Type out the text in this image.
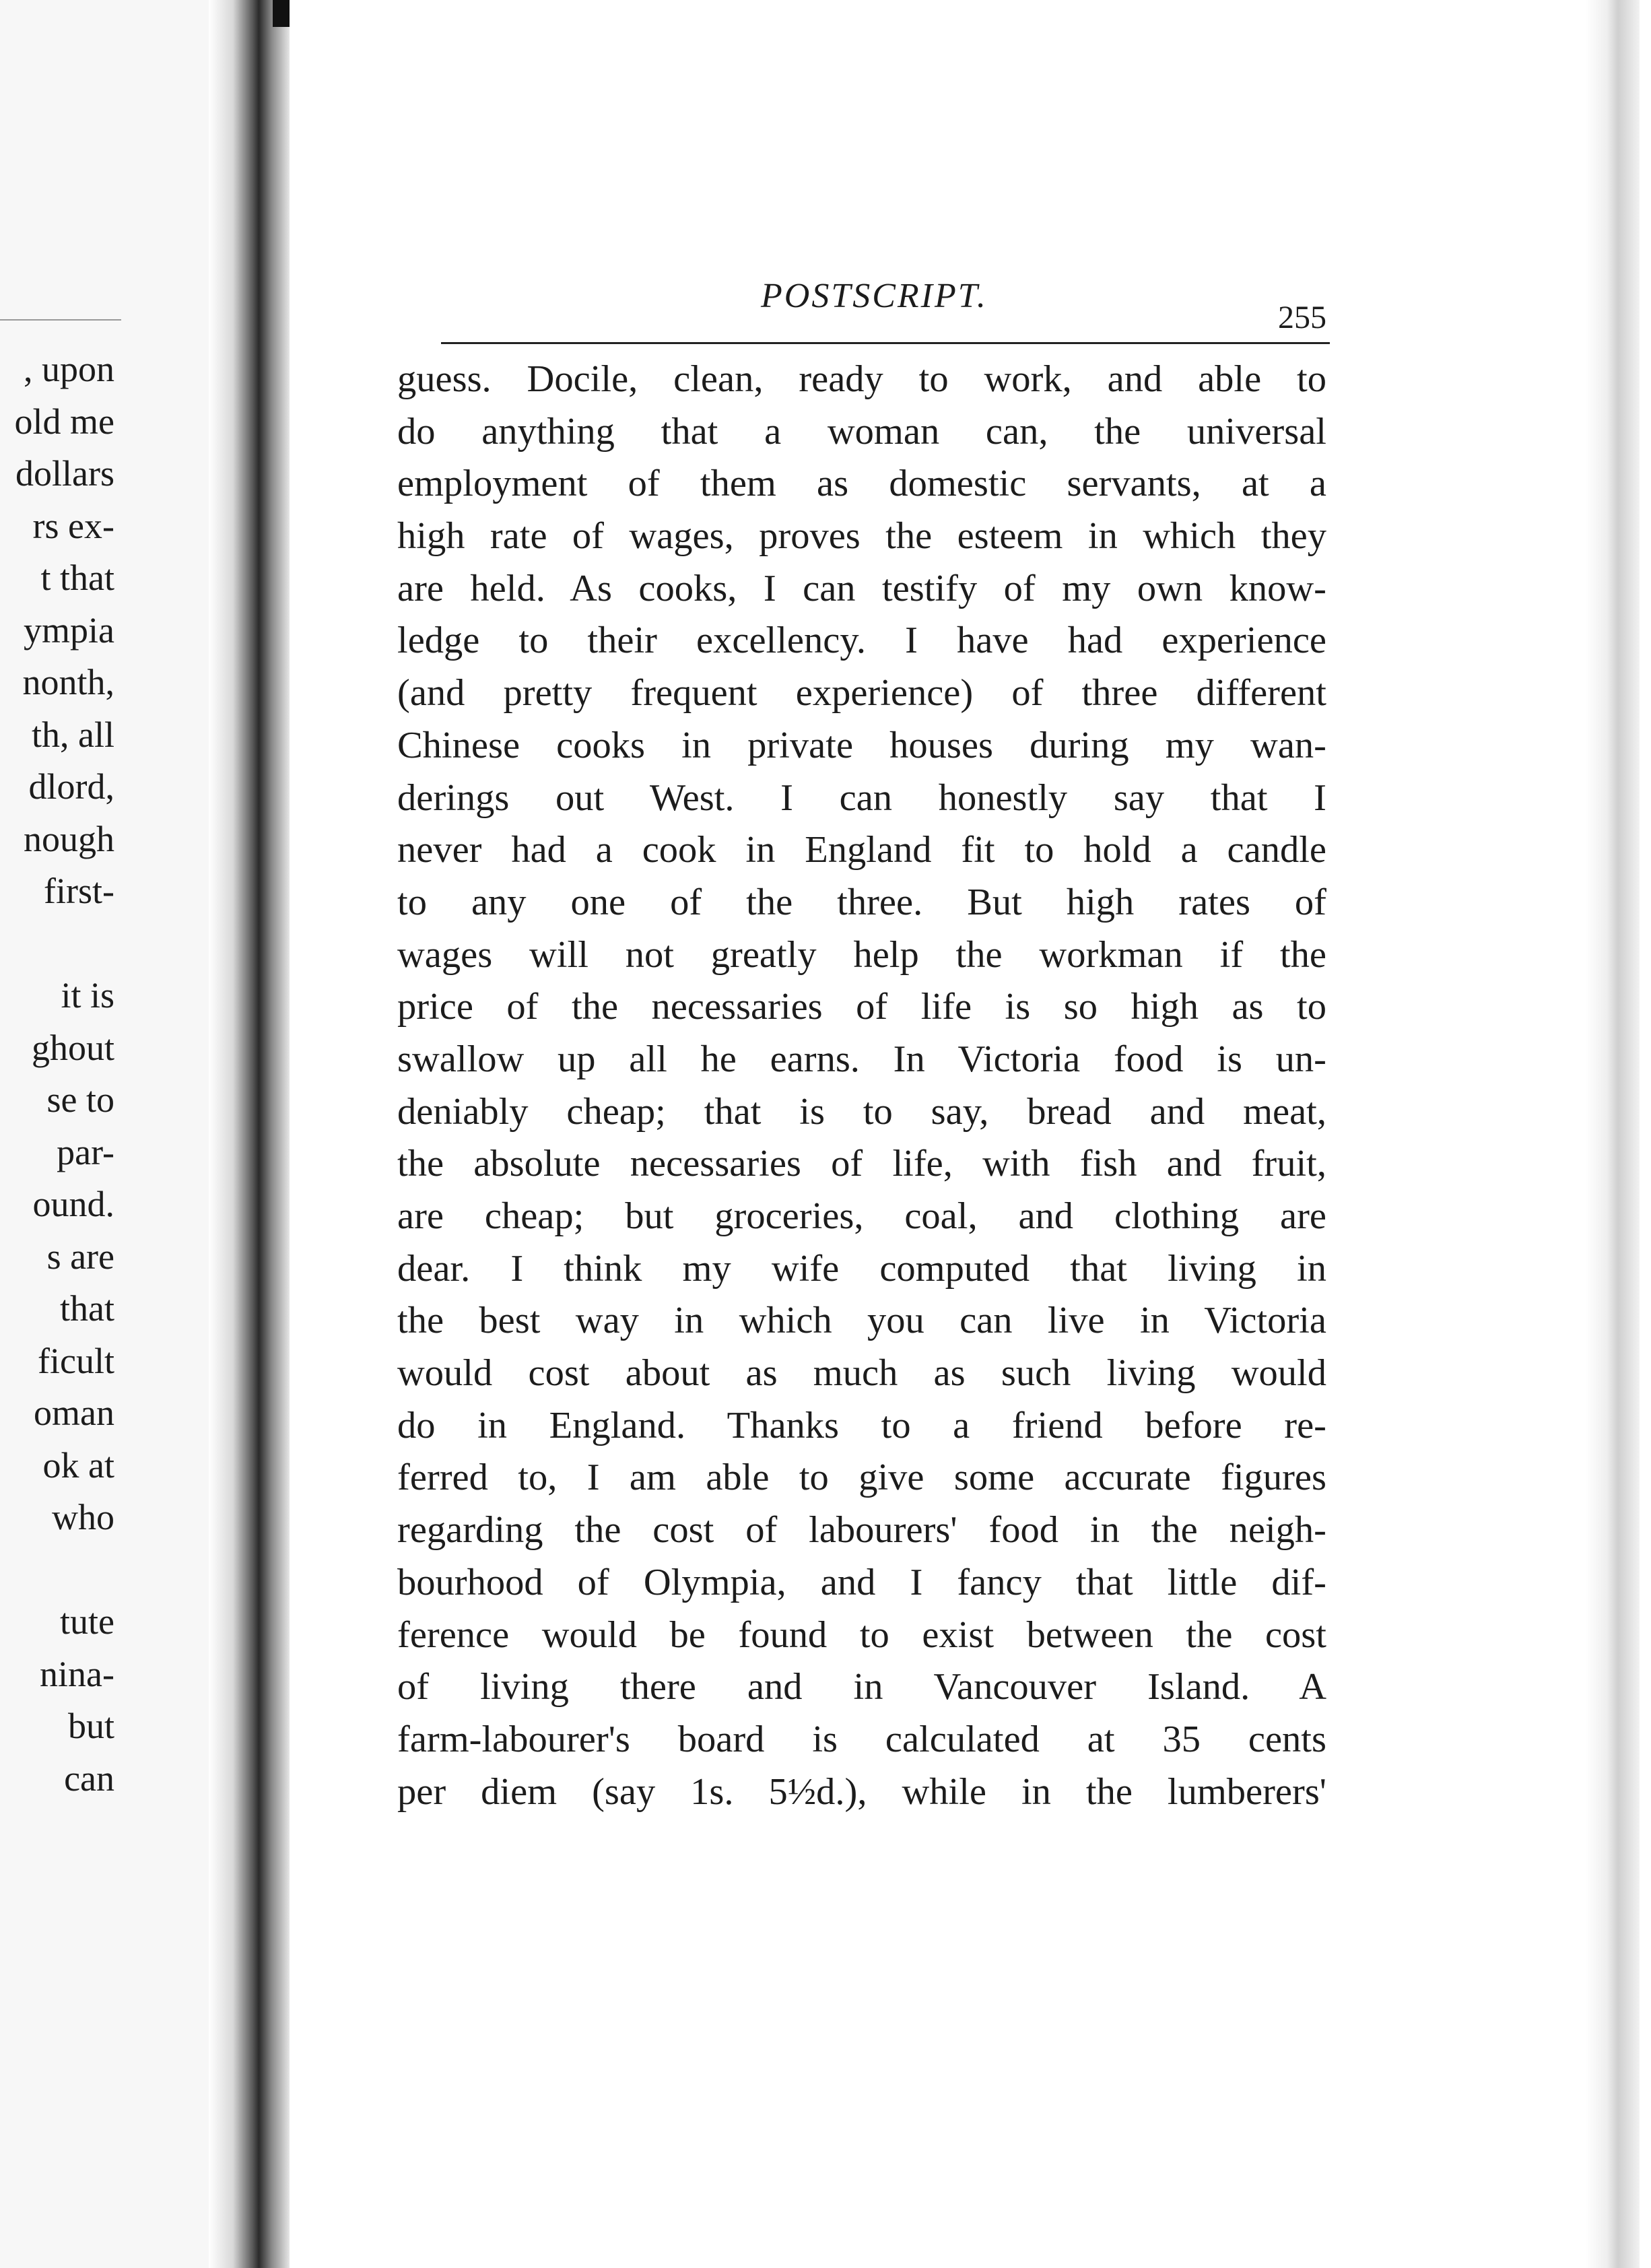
, upon
old me
dollars
rs ex-
t that
ympia
nonth,
th, all
dlord,
nough
first-
it is
ghout
se to
par-
ound.
s are
that
ficult
oman
ok at
who
tute
nina-
but
can
POSTSCRIPT.
255
guess. Docile, clean, ready to work, and able to
do anything that a woman can, the universal
employment of them as domestic servants, at a
high rate of wages, proves the esteem in which they
are held. As cooks, I can testify of my own know-
ledge to their excellency. I have had experience
(and pretty frequent experience) of three different
Chinese cooks in private houses during my wan-
derings out West. I can honestly say that I
never had a cook in England fit to hold a candle
to any one of the three. But high rates of
wages will not greatly help the workman if the
price of the necessaries of life is so high as to
swallow up all he earns. In Victoria food is un-
deniably cheap; that is to say, bread and meat,
the absolute necessaries of life, with fish and fruit,
are cheap; but groceries, coal, and clothing are
dear. I think my wife computed that living in
the best way in which you can live in Victoria
would cost about as much as such living would
do in England. Thanks to a friend before re-
ferred to, I am able to give some accurate figures
regarding the cost of labourers' food in the neigh-
bourhood of Olympia, and I fancy that little dif-
ference would be found to exist between the cost
of living there and in Vancouver Island. A
farm-labourer's board is calculated at 35 cents
per diem (say 1s. 5½d.), while in the lumberers'
